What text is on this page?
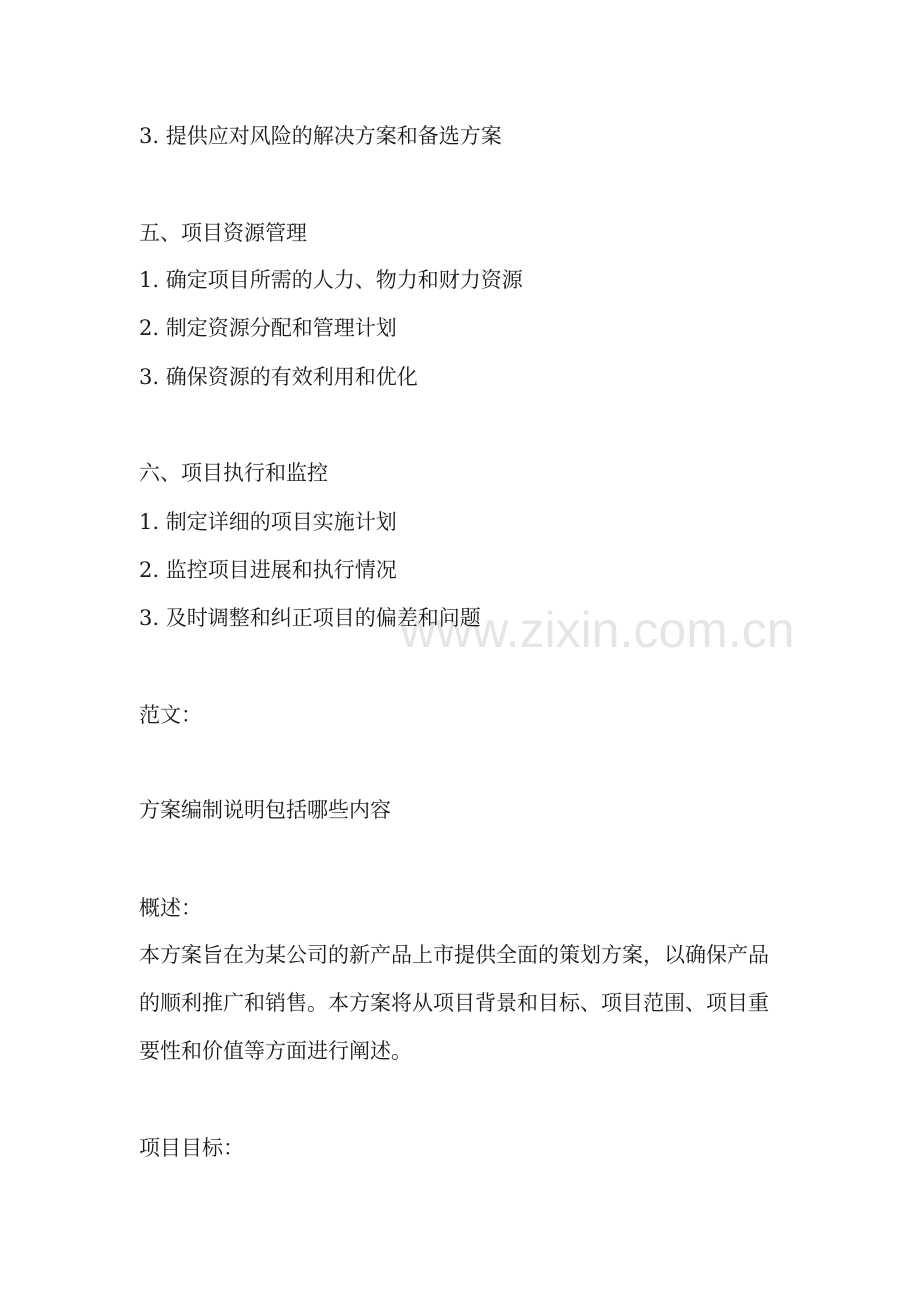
3. 提供应对风险的解决方案和备选方案
五、项目资源管理
1. 确定项目所需的人力、物力和财力资源
2. 制定资源分配和管理计划
3. 确保资源的有效利用和优化
六、项目执行和监控
1. 制定详细的项目实施计划
2. 监控项目进展和执行情况
3. 及时调整和纠正项目的偏差和问题
范文：
方案编制说明包括哪些内容
概述：
本方案旨在为某公司的新产品上市提供全面的策划方案，以确保产品
的顺利推广和销售。本方案将从项目背景和目标、项目范围、项目重
要性和价值等方面进行阐述。
项目目标：
www.zixin.com.cn
